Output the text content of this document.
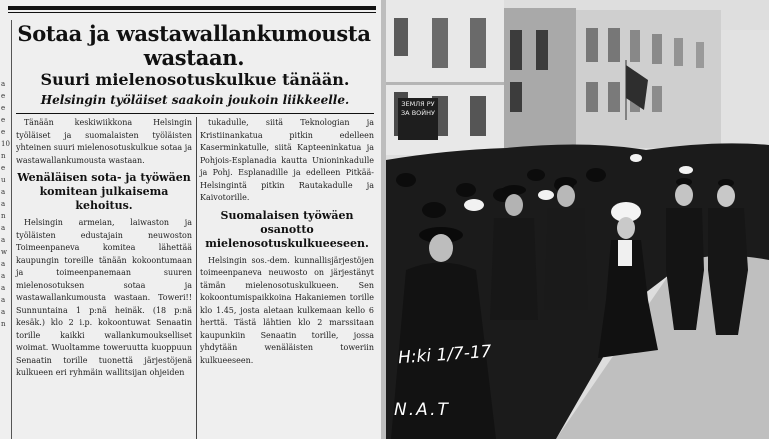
a e e e e 10 n e u a a n a a w a a a a a n
Sotaa ja wastawallankumousta wastaan.
Suuri mielenosotuskulkue tänään.
Helsingin työläiset saakoin joukoin liikkeelle.
Tänään keskiwiikkona Helsingin työläiset ja suomalaisten työläisten yhteinen suuri mielenosotuskulkue sotaa ja wastawallankumousta wastaan.
Wenäläisen sota- ja työwäen komitean julkaisema kehoitus.
Helsingin armeian, laiwaston ja työläisten edustajain neuwoston Toimeenpaneva komitea lähettää kaupungin toreille tänään kokoontumaan ja toimeenpanemaan suuren mielenosotuksen sotaa ja wastawallankumousta wastaan. Toweri!! Sunnuntaina 1 p:nä heinäk. (18 p:nä kesäk.) klo 2 i.p. kokoontuwat Senaatin torille kaikki wallankumoukselliset woimat. Wuoltamme toweruutta kuoppuun Senaatin torille tuonettä järjestöjenä kulkueen eri ryhmäin wallitsijan ohjeiden
tukadulle, siitä Teknologian ja Kristiinankatua pitkin edelleen Kaserminkatulle, siitä Kapteeninkatua ja Pohjois-Esplanadia kautta Unioninkadulle ja Pohj. Esplanadille ja edelleen Pitkää-Helsingintä pitkin Rautakadulle ja Kaivotorille.
Suomalaisen työwäen osanotto mielenosotuskulkueeseen.
Helsingin sos.-dem. kunnallisjärjestöjen toimeenpaneva neuwosto on järjestänyt tämän mielenosotuskulkueen. Sen kokoontumispaikkoina Hakaniemen torille klo 1.45, josta aletaan kulkemaan kello 6 herttä. Tästä lähtien klo 2 marssitaan kaupunkiin Senaatin torille, jossa yhdytään wenäläisten toweriin kulkueeseen.
ЗЕМЛЯ РУ ЗА ВОЙНУ
H:ki 1/7-17
N.A.T
